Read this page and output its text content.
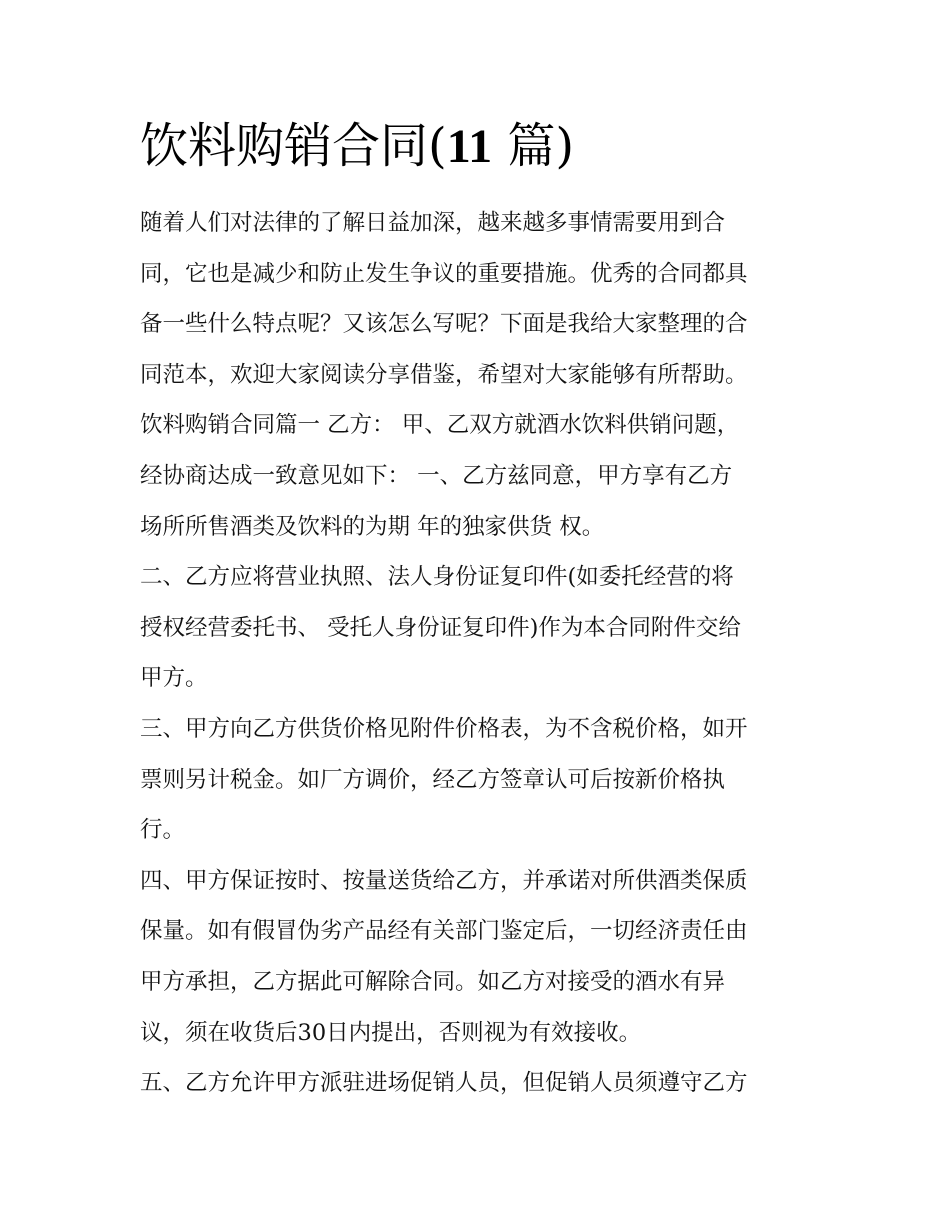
饮料购销合同(11 篇)
随着人们对法律的了解日益加深，越来越多事情需要用到合
同，它也是减少和防止发生争议的重要措施。优秀的合同都具
备一些什么特点呢？又该怎么写呢？下面是我给大家整理的合
同范本，欢迎大家阅读分享借鉴，希望对大家能够有所帮助。
饮料购销合同篇一 乙方： 甲、乙双方就酒水饮料供销问题，
经协商达成一致意见如下： 一、乙方兹同意，甲方享有乙方
场所所售酒类及饮料的为期 年的独家供货 权。
二、乙方应将营业执照、法人身份证复印件(如委托经营的将
授权经营委托书、 受托人身份证复印件)作为本合同附件交给
甲方。
三、甲方向乙方供货价格见附件价格表，为不含税价格，如开
票则另计税金。如厂方调价，经乙方签章认可后按新价格执
行。
四、甲方保证按时、按量送货给乙方，并承诺对所供酒类保质
保量。如有假冒伪劣产品经有关部门鉴定后，一切经济责任由
甲方承担，乙方据此可解除合同。如乙方对接受的酒水有异
议，须在收货后30日内提出，否则视为有效接收。
五、乙方允许甲方派驻进场促销人员，但促销人员须遵守乙方
